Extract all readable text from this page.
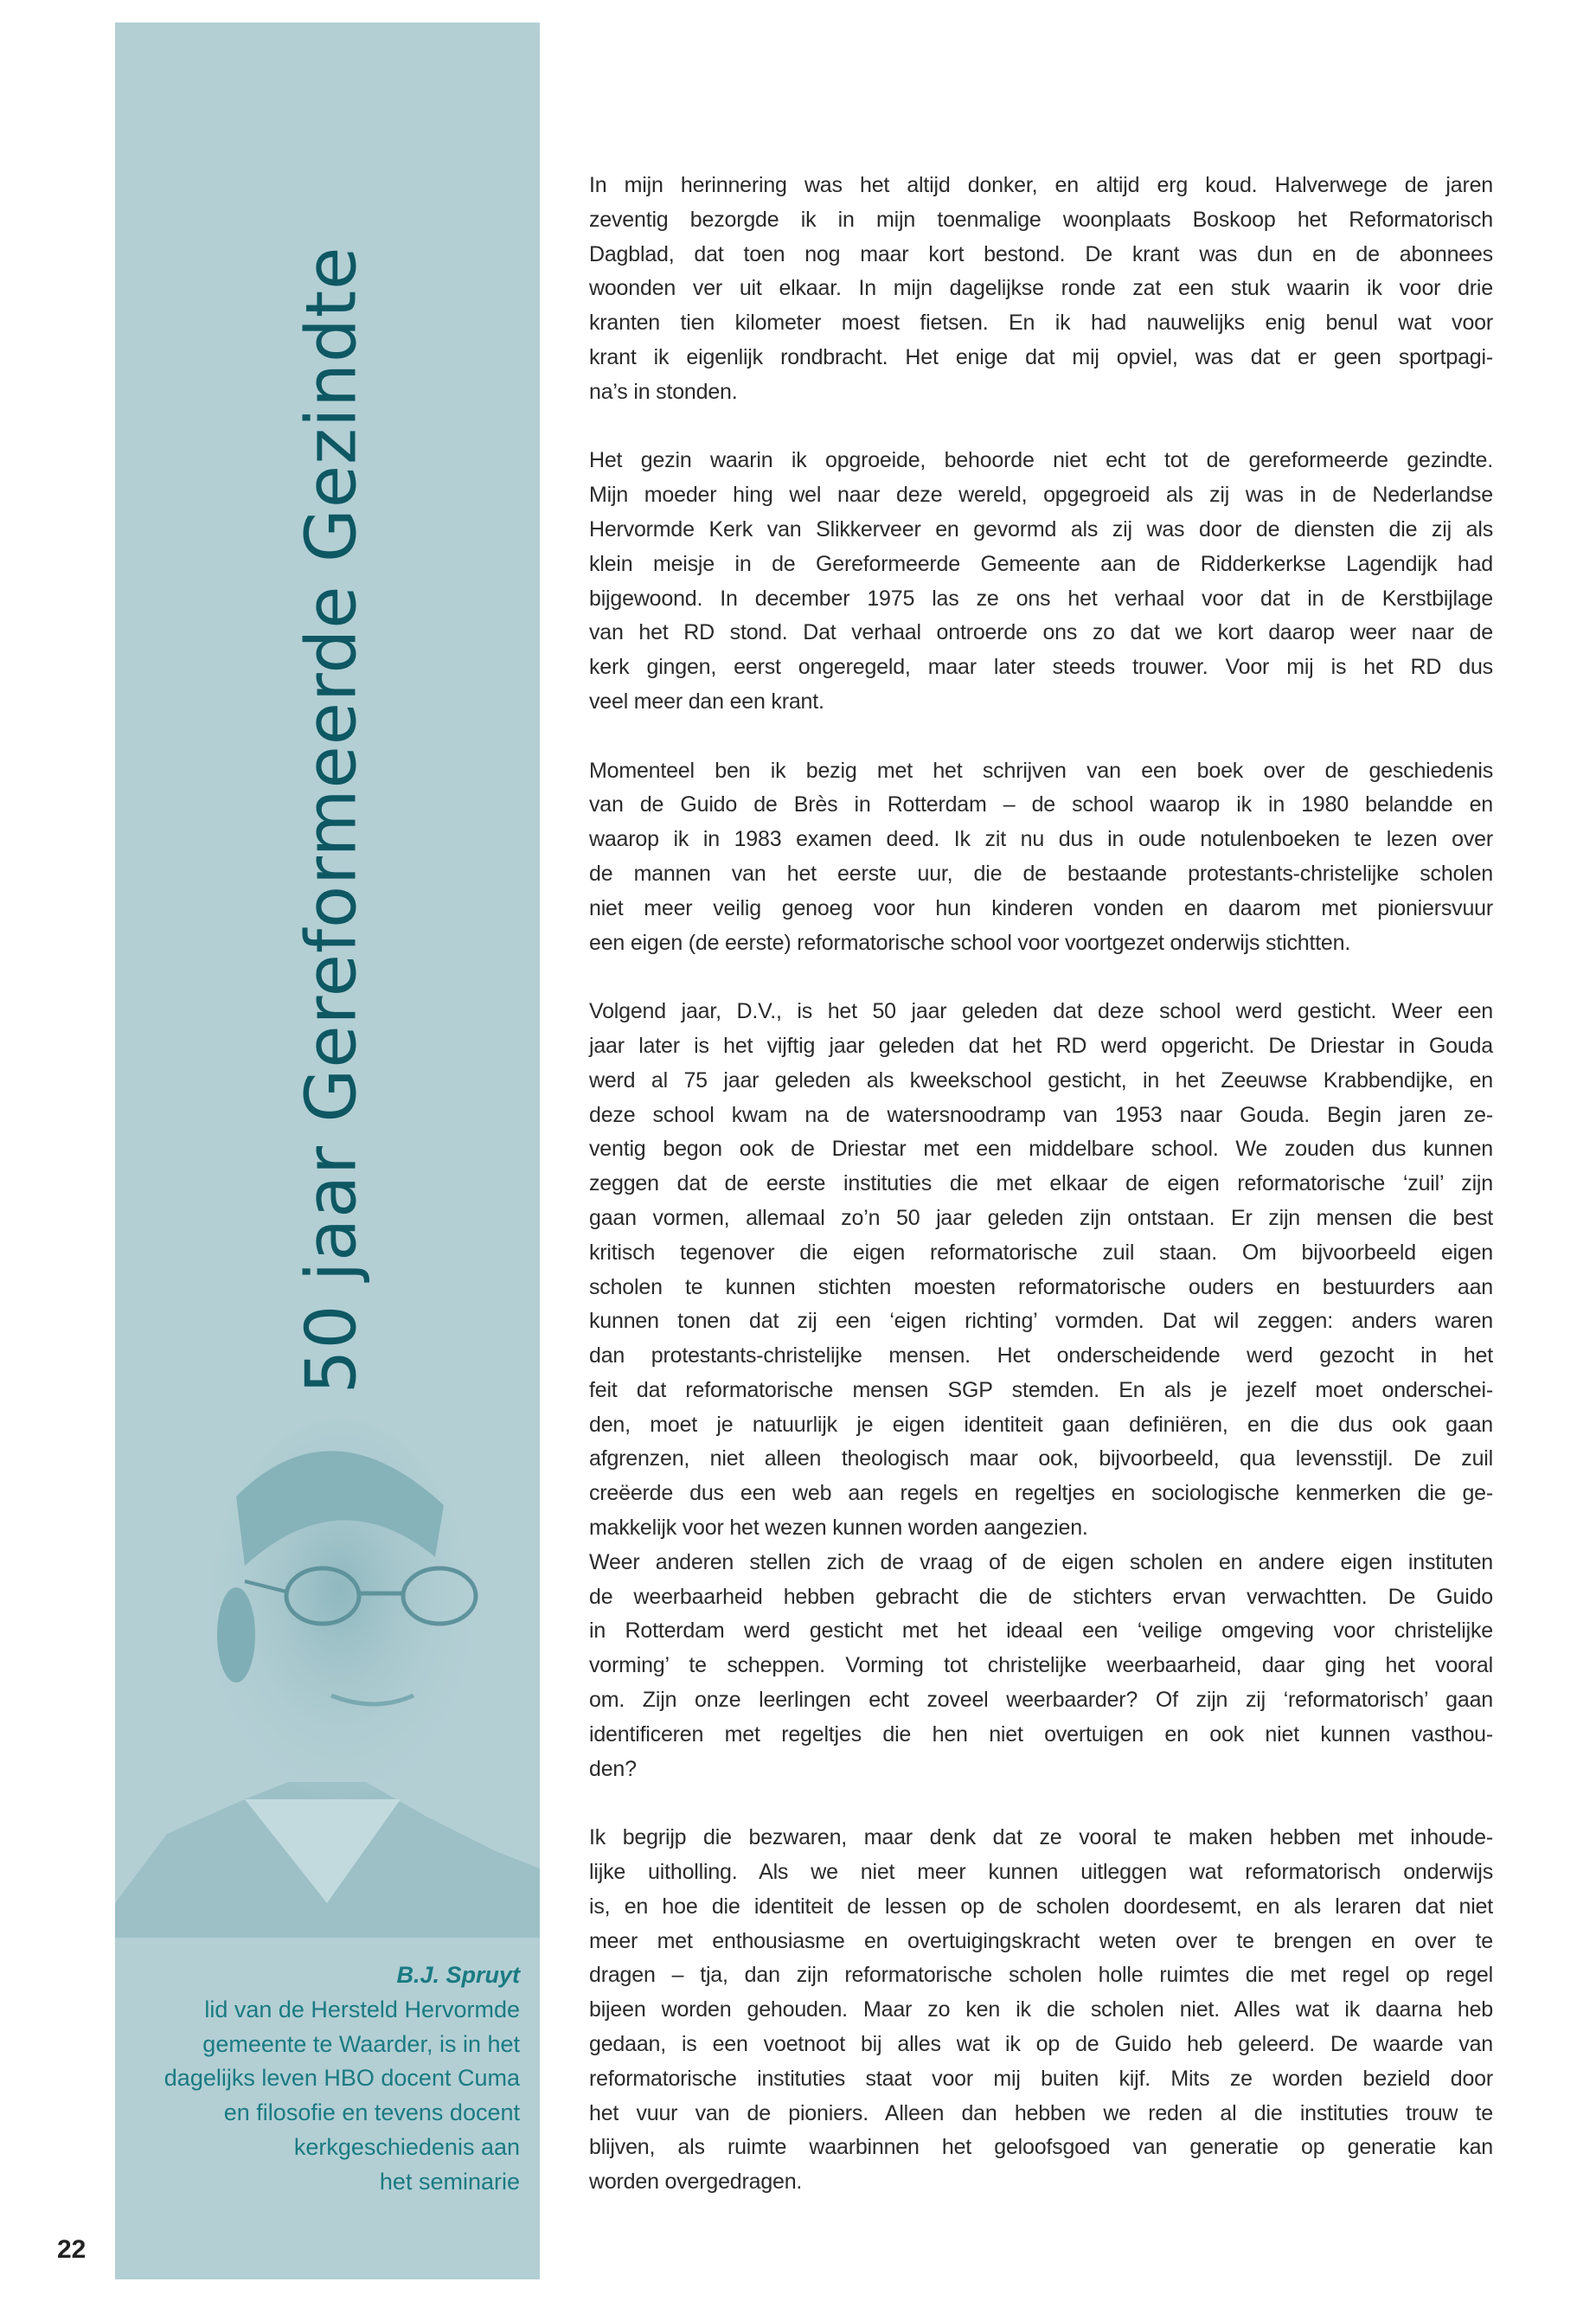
50 jaar Gereformeerde Gezindte
B.J. Spruyt
lid van de Hersteld Hervormde
gemeente te Waarder, is in het
dagelijks leven HBO docent Cuma
en filosofie en tevens docent
kerkgeschiedenis aan
het seminarie
22
In mijn herinnering was het altijd donker, en altijd erg koud. Halverwege de jaren
zeventig bezorgde ik in mijn toenmalige woonplaats Boskoop het Reformatorisch
Dagblad, dat toen nog maar kort bestond. De krant was dun en de abonnees
woonden ver uit elkaar. In mijn dagelijkse ronde zat een stuk waarin ik voor drie
kranten tien kilometer moest fietsen. En ik had nauwelijks enig benul wat voor
krant ik eigenlijk rondbracht. Het enige dat mij opviel, was dat er geen sportpagi-
na’s in stonden.
Het gezin waarin ik opgroeide, behoorde niet echt tot de gereformeerde gezindte.
Mijn moeder hing wel naar deze wereld, opgegroeid als zij was in de Nederlandse
Hervormde Kerk van Slikkerveer en gevormd als zij was door de diensten die zij als
klein meisje in de Gereformeerde Gemeente aan de Ridderkerkse Lagendijk had
bijgewoond. In december 1975 las ze ons het verhaal voor dat in de Kerstbijlage
van het RD stond. Dat verhaal ontroerde ons zo dat we kort daarop weer naar de
kerk gingen, eerst ongeregeld, maar later steeds trouwer. Voor mij is het RD dus
veel meer dan een krant.
Momenteel ben ik bezig met het schrijven van een boek over de geschiedenis
van de Guido de Brès in Rotterdam – de school waarop ik in 1980 belandde en
waarop ik in 1983 examen deed. Ik zit nu dus in oude notulenboeken te lezen over
de mannen van het eerste uur, die de bestaande protestants-christelijke scholen
niet meer veilig genoeg voor hun kinderen vonden en daarom met pioniersvuur
een eigen (de eerste) reformatorische school voor voortgezet onderwijs stichtten.
Volgend jaar, D.V., is het 50 jaar geleden dat deze school werd gesticht. Weer een
jaar later is het vijftig jaar geleden dat het RD werd opgericht. De Driestar in Gouda
werd al 75 jaar geleden als kweekschool gesticht, in het Zeeuwse Krabbendijke, en
deze school kwam na de watersnoodramp van 1953 naar Gouda. Begin jaren ze-
ventig begon ook de Driestar met een middelbare school. We zouden dus kunnen
zeggen dat de eerste instituties die met elkaar de eigen reformatorische ‘zuil’ zijn
gaan vormen, allemaal zo’n 50 jaar geleden zijn ontstaan. Er zijn mensen die best
kritisch tegenover die eigen reformatorische zuil staan. Om bijvoorbeeld eigen
scholen te kunnen stichten moesten reformatorische ouders en bestuurders aan
kunnen tonen dat zij een ‘eigen richting’ vormden. Dat wil zeggen: anders waren
dan protestants-christelijke mensen. Het onderscheidende werd gezocht in het
feit dat reformatorische mensen SGP stemden. En als je jezelf moet onderschei-
den, moet je natuurlijk je eigen identiteit gaan definiëren, en die dus ook gaan
afgrenzen, niet alleen theologisch maar ook, bijvoorbeeld, qua levensstijl. De zuil
creëerde dus een web aan regels en regeltjes en sociologische kenmerken die ge-
makkelijk voor het wezen kunnen worden aangezien.
Weer anderen stellen zich de vraag of de eigen scholen en andere eigen instituten
de weerbaarheid hebben gebracht die de stichters ervan verwachtten. De Guido
in Rotterdam werd gesticht met het ideaal een ‘veilige omgeving voor christelijke
vorming’ te scheppen. Vorming tot christelijke weerbaarheid, daar ging het vooral
om. Zijn onze leerlingen echt zoveel weerbaarder? Of zijn zij ‘reformatorisch’ gaan
identificeren met regeltjes die hen niet overtuigen en ook niet kunnen vasthou-
den?
Ik begrijp die bezwaren, maar denk dat ze vooral te maken hebben met inhoude-
lijke uitholling. Als we niet meer kunnen uitleggen wat reformatorisch onderwijs
is, en hoe die identiteit de lessen op de scholen doordesemt, en als leraren dat niet
meer met enthousiasme en overtuigingskracht weten over te brengen en over te
dragen – tja, dan zijn reformatorische scholen holle ruimtes die met regel op regel
bijeen worden gehouden. Maar zo ken ik die scholen niet. Alles wat ik daarna heb
gedaan, is een voetnoot bij alles wat ik op de Guido heb geleerd. De waarde van
reformatorische instituties staat voor mij buiten kijf. Mits ze worden bezield door
het vuur van de pioniers. Alleen dan hebben we reden al die instituties trouw te
blijven, als ruimte waarbinnen het geloofsgoed van generatie op generatie kan
worden overgedragen.
